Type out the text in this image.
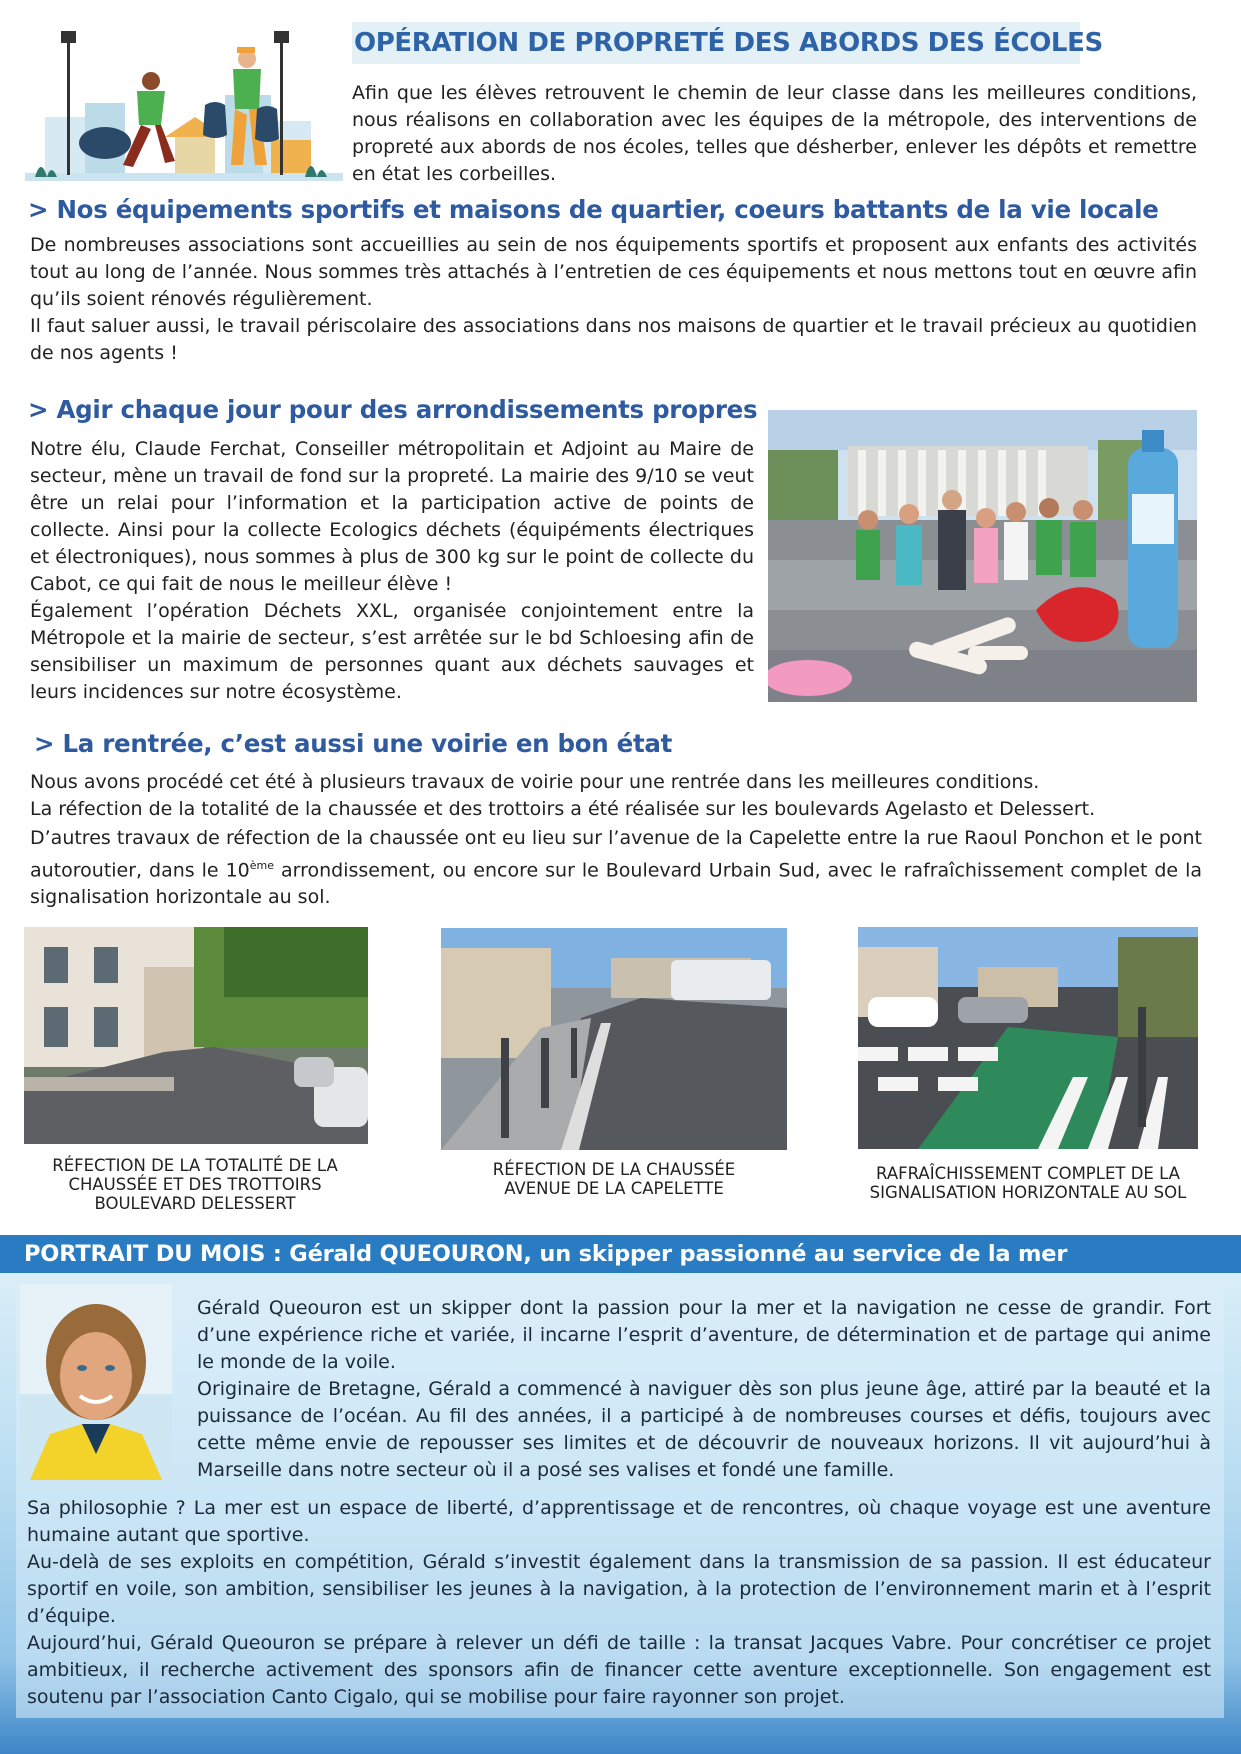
OPÉRATION DE PROPRETÉ DES ABORDS DES ÉCOLES
Afin que les élèves retrouvent le chemin de leur classe dans les meilleures conditions, nous réalisons en collaboration avec les équipes de la métropole, des interventions de propreté aux abords de nos écoles, telles que désherber, enlever les dépôts et remettre en état les corbeilles.
> Nos équipements sportifs et maisons de quartier, coeurs battants de la vie locale

De nombreuses associations sont accueillies au sein de nos équipements sportifs et proposent aux enfants des activités tout au long de l’année. Nous sommes très attachés à l’entretien de ces équipements et nous mettons tout en œuvre afin qu’ils soient rénovés régulièrement.

Il faut saluer aussi, le travail périscolaire des associations dans nos maisons de quartier et le travail précieux au quotidien de nos agents !

> Agir chaque jour pour des arrondissements propres

Notre élu, Claude Ferchat, Conseiller métropolitain et Adjoint au Maire de secteur, mène un travail de fond sur la propreté. La mairie des 9/10 se veut être un relai pour l’information et la participation active de points de collecte. Ainsi pour la collecte Ecologics déchets (équipéments électriques et électroniques), nous sommes à plus de 300 kg sur le point de collecte du Cabot, ce qui fait de nous le meilleur élève !

Également l’opération Déchets XXL, organisée conjointement entre la Métropole et la mairie de secteur, s’est arrêtée sur le bd Schloesing afin de sensibiliser un maximum de personnes quant aux déchets sauvages et leurs incidences sur notre écosystème.

> La rentrée, c’est aussi une voirie en bon état

Nous avons procédé cet été à plusieurs travaux de voirie pour une rentrée dans les meilleures conditions.

La réfection de la totalité de la chaussée et des trottoirs a été réalisée sur les boulevards Agelasto et Delessert.

D’autres travaux de réfection de la chaussée ont eu lieu sur l’avenue de la Capelette entre la rue Raoul Ponchon et le pont autoroutier, dans le 10ème arrondissement, ou encore sur le Boulevard Urbain Sud, avec le rafraîchissement complet de la signalisation horizontale au sol.

RÉFECTION DE LA TOTALITÉ DE LA CHAUSSÉE ET DES TROTTOIRS BOULEVARD DELESSERT
RÉFECTION DE LA CHAUSSÉE AVENUE DE LA CAPELETTE
RAFRAÎCHISSEMENT COMPLET DE LA SIGNALISATION HORIZONTALE AU SOL
PORTRAIT DU MOIS : Gérald QUEOURON, un skipper passionné au service de la mer

Gérald Queouron est un skipper dont la passion pour la mer et la navigation ne cesse de grandir. Fort d’une expérience riche et variée, il incarne l’esprit d’aventure, de détermination et de partage qui anime le monde de la voile.

Originaire de Bretagne, Gérald a commencé à naviguer dès son plus jeune âge, attiré par la beauté et la puissance de l’océan. Au fil des années, il a participé à de nombreuses courses et défis, toujours avec cette même envie de repousser ses limites et de découvrir de nouveaux horizons. Il vit aujourd’hui à Marseille dans notre secteur où il a posé ses valises et fondé une famille.

Sa philosophie ? La mer est un espace de liberté, d’apprentissage et de rencontres, où chaque voyage est une aventure humaine autant que sportive.

Au-delà de ses exploits en compétition, Gérald s’investit également dans la transmission de sa passion. Il est éducateur sportif en voile, son ambition, sensibiliser les jeunes à la navigation, à la protection de l’environnement marin et à l’esprit d’équipe.

Aujourd’hui, Gérald Queouron se prépare à relever un défi de taille : la transat Jacques Vabre. Pour concrétiser ce projet ambitieux, il recherche activement des sponsors afin de financer cette aventure exceptionnelle. Son engagement est soutenu par l’association Canto Cigalo, qui se mobilise pour faire rayonner son projet.
